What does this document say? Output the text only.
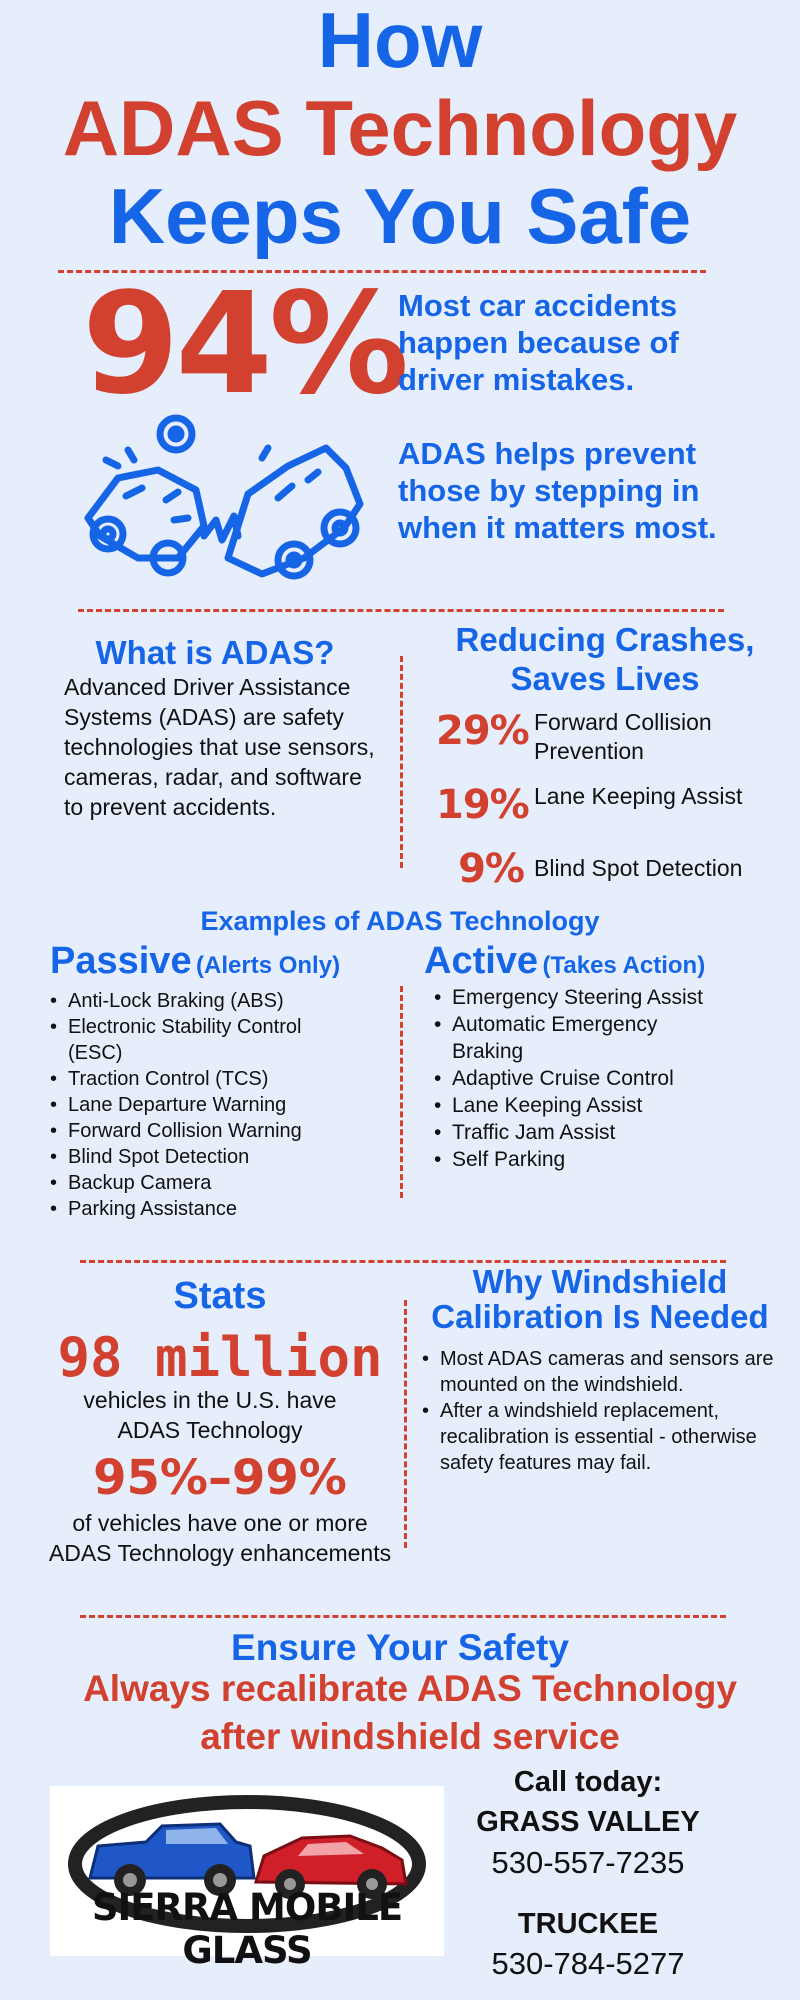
How
ADAS Technology
Keeps You Safe
94%
Most car accidents happen because of driver mistakes.
ADAS helps prevent those by stepping in when it matters most.
What is ADAS?
Advanced Driver Assistance Systems (ADAS) are safety technologies that use sensors, cameras, radar, and software to prevent accidents.
Reducing Crashes,
Saves Lives
29% Forward Collision Prevention
19% Lane Keeping Assist
9% Blind Spot Detection
Examples of ADAS Technology
Passive (Alerts Only)
• Anti-Lock Braking (ABS)
• Electronic Stability Control (ESC)
• Traction Control (TCS)
• Lane Departure Warning
• Forward Collision Warning
• Blind Spot Detection
• Backup Camera
• Parking Assistance
Active (Takes Action)
• Emergency Steering Assist
• Automatic Emergency Braking
• Adaptive Cruise Control
• Lane Keeping Assist
• Traffic Jam Assist
• Self Parking
Stats
98 million
vehicles in the U.S. have ADAS Technology
95%–99%
of vehicles have one or more ADAS Technology enhancements
Why Windshield
Calibration Is Needed
• Most ADAS cameras and sensors are mounted on the windshield.
• After a windshield replacement, recalibration is essential - otherwise safety features may fail.
Ensure Your Safety
Always recalibrate ADAS Technology
after windshield service
SIERRA MOBILE GLASS
Call today:
GRASS VALLEY
530-557-7235
TRUCKEE
530-784-5277
